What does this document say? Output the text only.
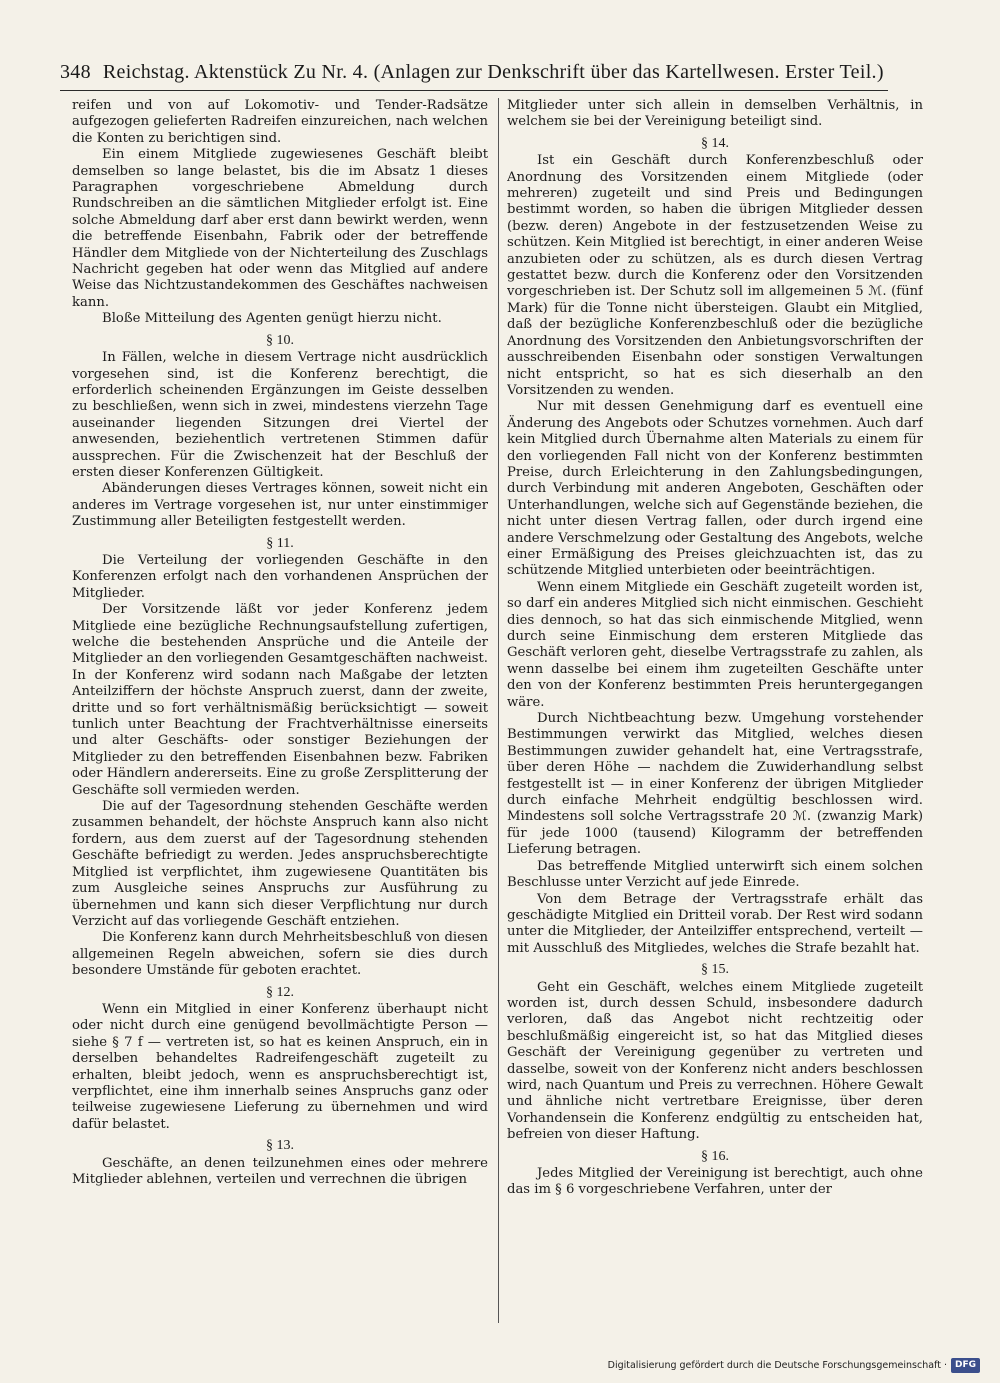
348 Reichstag. Aktenstück Zu Nr. 4. (Anlagen zur Denkschrift über das Kartellwesen. Erster Teil.)

reifen und von auf Lokomotiv- und Tender-Radsätze aufgezogen gelieferten Radreifen einzureichen, nach welchen die Konten zu berichtigen sind.

Ein einem Mitgliede zugewiesenes Geschäft bleibt demselben so lange belastet, bis die im Absatz 1 dieses Paragraphen vorgeschriebene Abmeldung durch Rundschreiben an die sämtlichen Mitglieder erfolgt ist. Eine solche Abmeldung darf aber erst dann bewirkt werden, wenn die betreffende Eisenbahn, Fabrik oder der betreffende Händler dem Mitgliede von der Nichterteilung des Zuschlags Nachricht gegeben hat oder wenn das Mitglied auf andere Weise das Nichtzustandekommen des Geschäftes nachweisen kann.

Bloße Mitteilung des Agenten genügt hierzu nicht.

§ 10.

In Fällen, welche in diesem Vertrage nicht ausdrücklich vorgesehen sind, ist die Konferenz berechtigt, die erforderlich scheinenden Ergänzungen im Geiste desselben zu beschließen, wenn sich in zwei, mindestens vierzehn Tage auseinander liegenden Sitzungen drei Viertel der anwesenden, beziehentlich vertretenen Stimmen dafür aussprechen. Für die Zwischenzeit hat der Beschluß der ersten dieser Konferenzen Gültigkeit.

Abänderungen dieses Vertrages können, soweit nicht ein anderes im Vertrage vorgesehen ist, nur unter einstimmiger Zustimmung aller Beteiligten festgestellt werden.

§ 11.

Die Verteilung der vorliegenden Geschäfte in den Konferenzen erfolgt nach den vorhandenen Ansprüchen der Mitglieder.

Der Vorsitzende läßt vor jeder Konferenz jedem Mitgliede eine bezügliche Rechnungsaufstellung zufertigen, welche die bestehenden Ansprüche und die Anteile der Mitglieder an den vorliegenden Gesamtgeschäften nachweist. In der Konferenz wird sodann nach Maßgabe der letzten Anteilziffern der höchste Anspruch zuerst, dann der zweite, dritte und so fort verhältnismäßig berücksichtigt — soweit tunlich unter Beachtung der Frachtverhältnisse einerseits und alter Geschäfts- oder sonstiger Beziehungen der Mitglieder zu den betreffenden Eisenbahnen bezw. Fabriken oder Händlern andererseits. Eine zu große Zersplitterung der Geschäfte soll vermieden werden.

Die auf der Tagesordnung stehenden Geschäfte werden zusammen behandelt, der höchste Anspruch kann also nicht fordern, aus dem zuerst auf der Tagesordnung stehenden Geschäfte befriedigt zu werden. Jedes anspruchsberechtigte Mitglied ist verpflichtet, ihm zugewiesene Quantitäten bis zum Ausgleiche seines Anspruchs zur Ausführung zu übernehmen und kann sich dieser Verpflichtung nur durch Verzicht auf das vorliegende Geschäft entziehen.

Die Konferenz kann durch Mehrheitsbeschluß von diesen allgemeinen Regeln abweichen, sofern sie dies durch besondere Umstände für geboten erachtet.

§ 12.

Wenn ein Mitglied in einer Konferenz überhaupt nicht oder nicht durch eine genügend bevollmächtigte Person — siehe § 7 f — vertreten ist, so hat es keinen Anspruch, ein in derselben behandeltes Radreifengeschäft zugeteilt zu erhalten, bleibt jedoch, wenn es anspruchsberechtigt ist, verpflichtet, eine ihm innerhalb seines Anspruchs ganz oder teilweise zugewiesene Lieferung zu übernehmen und wird dafür belastet.

§ 13.

Geschäfte, an denen teilzunehmen eines oder mehrere Mitglieder ablehnen, verteilen und verrechnen die übrigen

Mitglieder unter sich allein in demselben Verhältnis, in welchem sie bei der Vereinigung beteiligt sind.

§ 14.

Ist ein Geschäft durch Konferenzbeschluß oder Anordnung des Vorsitzenden einem Mitgliede (oder mehreren) zugeteilt und sind Preis und Bedingungen bestimmt worden, so haben die übrigen Mitglieder dessen (bezw. deren) Angebote in der festzusetzenden Weise zu schützen. Kein Mitglied ist berechtigt, in einer anderen Weise anzubieten oder zu schützen, als es durch diesen Vertrag gestattet bezw. durch die Konferenz oder den Vorsitzenden vorgeschrieben ist. Der Schutz soll im allgemeinen 5 ℳ. (fünf Mark) für die Tonne nicht übersteigen. Glaubt ein Mitglied, daß der bezügliche Konferenzbeschluß oder die bezügliche Anordnung des Vorsitzenden den Anbietungsvorschriften der ausschreibenden Eisenbahn oder sonstigen Verwaltungen nicht entspricht, so hat es sich dieserhalb an den Vorsitzenden zu wenden.

Nur mit dessen Genehmigung darf es eventuell eine Änderung des Angebots oder Schutzes vornehmen. Auch darf kein Mitglied durch Übernahme alten Materials zu einem für den vorliegenden Fall nicht von der Konferenz bestimmten Preise, durch Erleichterung in den Zahlungsbedingungen, durch Verbindung mit anderen Angeboten, Geschäften oder Unterhandlungen, welche sich auf Gegenstände beziehen, die nicht unter diesen Vertrag fallen, oder durch irgend eine andere Verschmelzung oder Gestaltung des Angebots, welche einer Ermäßigung des Preises gleichzuachten ist, das zu schützende Mitglied unterbieten oder beeinträchtigen.

Wenn einem Mitgliede ein Geschäft zugeteilt worden ist, so darf ein anderes Mitglied sich nicht einmischen. Geschieht dies dennoch, so hat das sich einmischende Mitglied, wenn durch seine Einmischung dem ersteren Mitgliede das Geschäft verloren geht, dieselbe Vertragsstrafe zu zahlen, als wenn dasselbe bei einem ihm zugeteilten Geschäfte unter den von der Konferenz bestimmten Preis heruntergegangen wäre.

Durch Nichtbeachtung bezw. Umgehung vorstehender Bestimmungen verwirkt das Mitglied, welches diesen Bestimmungen zuwider gehandelt hat, eine Vertragsstrafe, über deren Höhe — nachdem die Zuwiderhandlung selbst festgestellt ist — in einer Konferenz der übrigen Mitglieder durch einfache Mehrheit endgültig beschlossen wird. Mindestens soll solche Vertragsstrafe 20 ℳ. (zwanzig Mark) für jede 1000 (tausend) Kilogramm der betreffenden Lieferung betragen.

Das betreffende Mitglied unterwirft sich einem solchen Beschlusse unter Verzicht auf jede Einrede.

Von dem Betrage der Vertragsstrafe erhält das geschädigte Mitglied ein Dritteil vorab. Der Rest wird sodann unter die Mitglieder, der Anteilziffer entsprechend, verteilt — mit Ausschluß des Mitgliedes, welches die Strafe bezahlt hat.

§ 15.

Geht ein Geschäft, welches einem Mitgliede zugeteilt worden ist, durch dessen Schuld, insbesondere dadurch verloren, daß das Angebot nicht rechtzeitig oder beschlußmäßig eingereicht ist, so hat das Mitglied dieses Geschäft der Vereinigung gegenüber zu vertreten und dasselbe, soweit von der Konferenz nicht anders beschlossen wird, nach Quantum und Preis zu verrechnen. Höhere Gewalt und ähnliche nicht vertretbare Ereignisse, über deren Vorhandensein die Konferenz endgültig zu entscheiden hat, befreien von dieser Haftung.

§ 16.

Jedes Mitglied der Vereinigung ist berechtigt, auch ohne das im § 6 vorgeschriebene Verfahren, unter der

Digitalisierung gefördert durch die Deutsche Forschungsgemeinschaft · DFG
